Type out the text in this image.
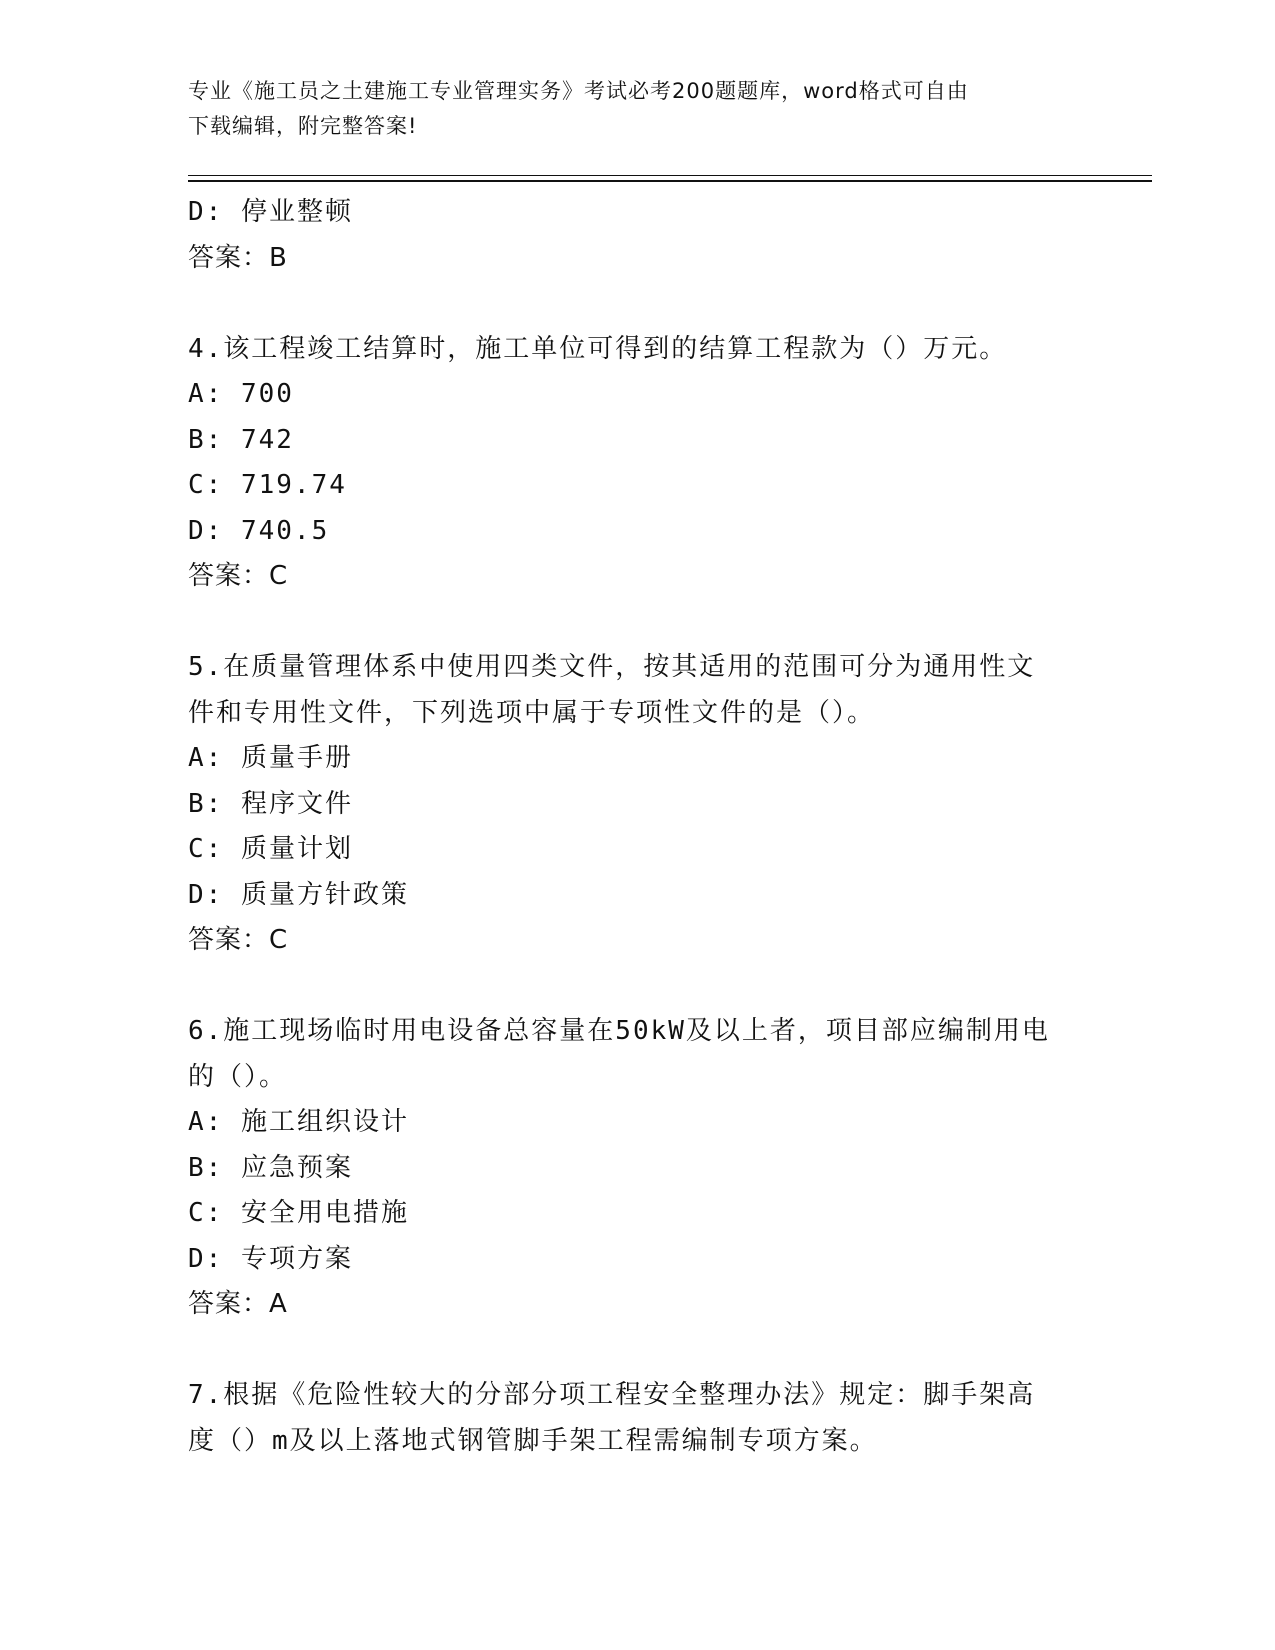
专业《施工员之土建施工专业管理实务》考试必考200题题库，word格式可自由
下载编辑，附完整答案!
D: 停业整顿
答案：B
4.该工程竣工结算时，施工单位可得到的结算工程款为（）万元。
A: 700
B: 742
C: 719.74
D: 740.5
答案：C
5.在质量管理体系中使用四类文件，按其适用的范围可分为通用性文
件和专用性文件，下列选项中属于专项性文件的是（）。
A: 质量手册
B: 程序文件
C: 质量计划
D: 质量方针政策
答案：C
6.施工现场临时用电设备总容量在50kW及以上者，项目部应编制用电
的（）。
A: 施工组织设计
B: 应急预案
C: 安全用电措施
D: 专项方案
答案：A
7.根据《危险性较大的分部分项工程安全整理办法》规定：脚手架高
度（）m及以上落地式钢管脚手架工程需编制专项方案。
